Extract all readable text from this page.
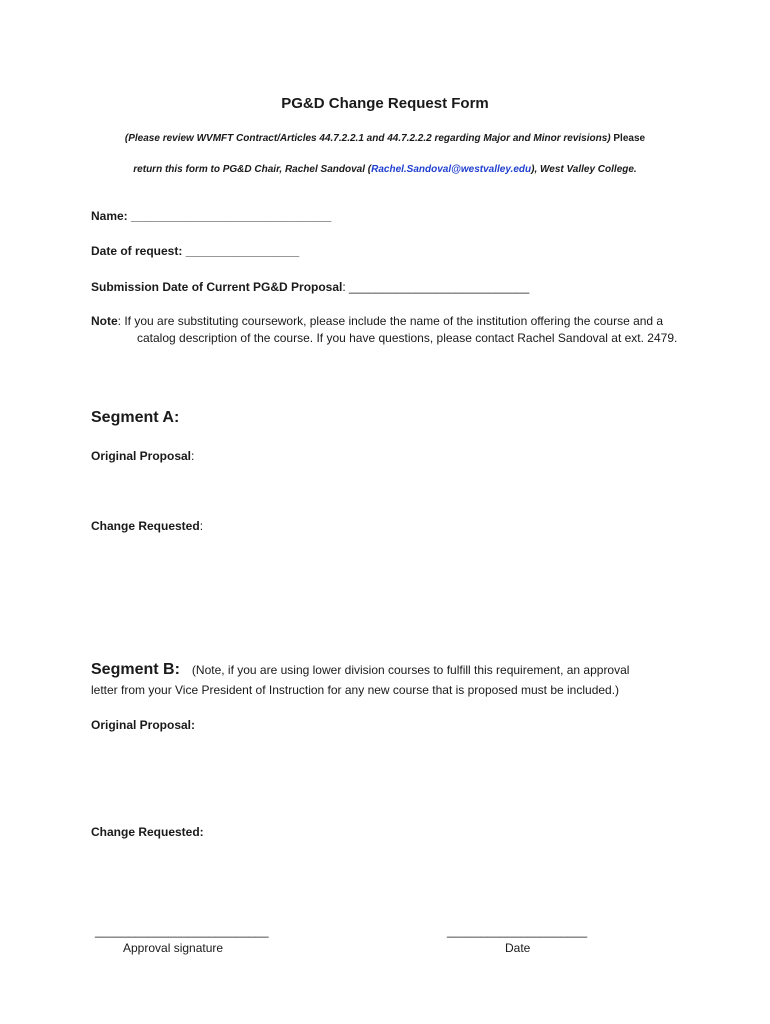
PG&D Change Request Form
(Please review WVMFT Contract/Articles 44.7.2.2.1 and 44.7.2.2.2 regarding Major and Minor revisions) Please
return this form to PG&D Chair, Rachel Sandoval (Rachel.Sandoval@westvalley.edu), West Valley College.
Name: ______________________________
Date of request: _________________
Submission Date of Current PG&D Proposal: ___________________________
Note: If you are substituting coursework, please include the name of the institution offering the course and a
catalog description of the course. If you have questions, please contact Rachel Sandoval at ext. 2479.
Segment A:
Original Proposal:
Change Requested:
Segment B: (Note, if you are using lower division courses to fulfill this requirement, an approval
letter from your Vice President of Instruction for any new course that is proposed must be included.)
Original Proposal:
Change Requested:
__________________________
Approval signature
_____________________
Date
